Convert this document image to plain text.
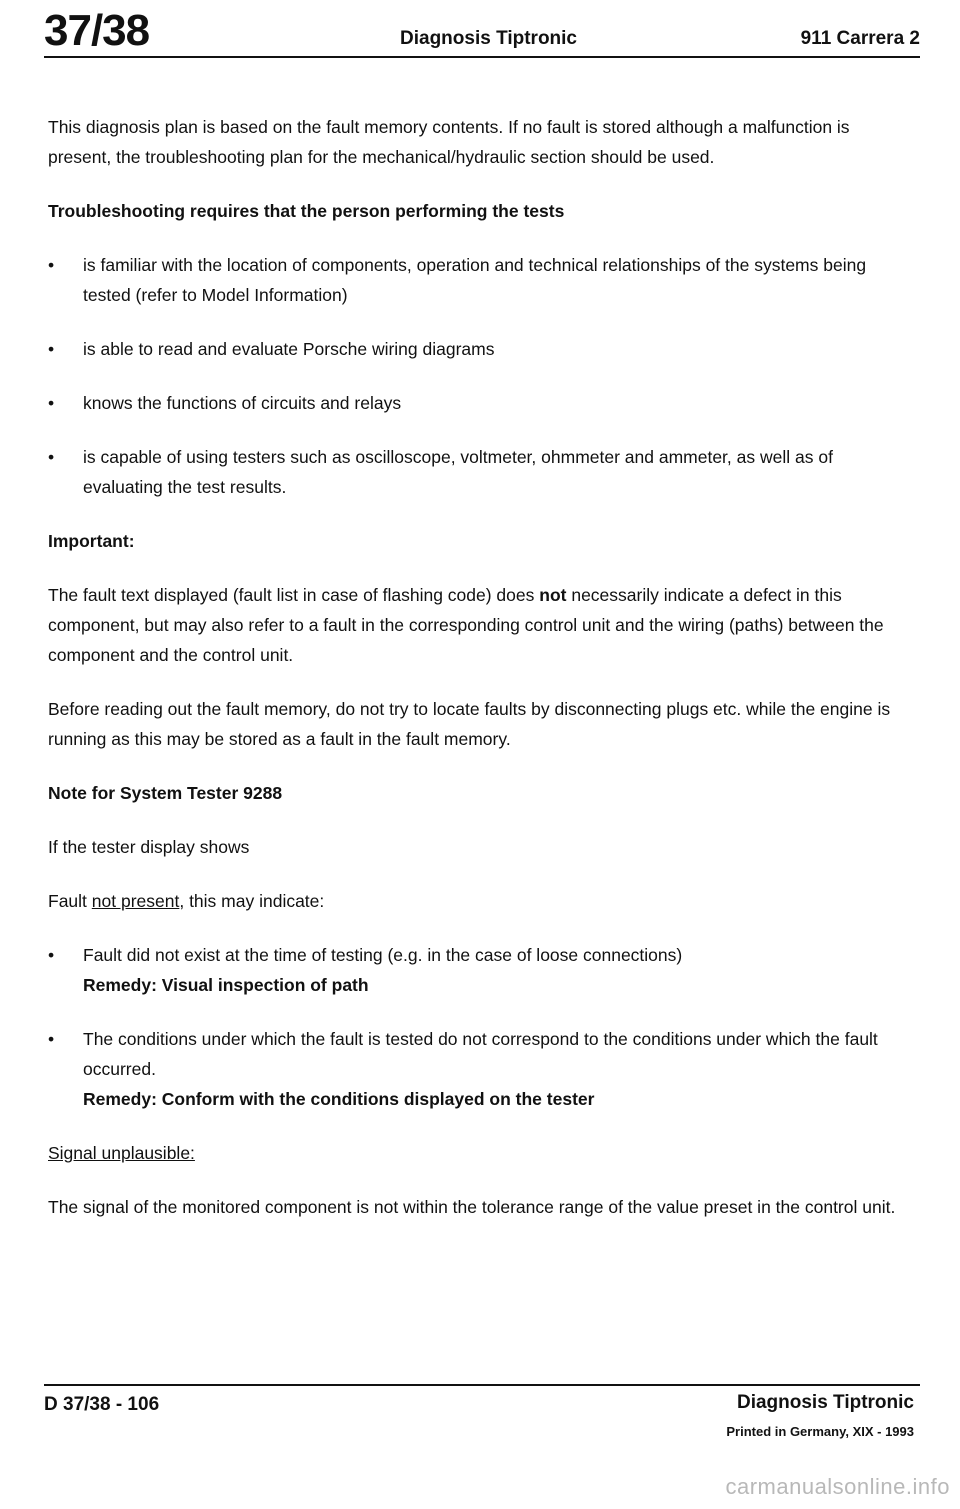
37/38	Diagnosis Tiptronic	911 Carrera 2

This diagnosis plan is based on the fault memory contents. If no fault is stored although a malfunction is present, the troubleshooting plan for the mechanical/hydraulic section should be used.

Troubleshooting requires that the person performing the tests

• is familiar with the location of components, operation and technical relationships of the systems being tested (refer to Model Information)
• is able to read and evaluate Porsche wiring diagrams
• knows the functions of circuits and relays
• is capable of using testers such as oscilloscope, voltmeter, ohmmeter and ammeter, as well as of evaluating the test results.

Important:

The fault text displayed (fault list in case of flashing code) does not necessarily indicate a defect in this component, but may also refer to a fault in the corresponding control unit and the wiring (paths) between the component and the control unit.

Before reading out the fault memory, do not try to locate faults by disconnecting plugs etc. while the engine is running as this may be stored as a fault in the fault memory.

Note for System Tester 9288

If the tester display shows

Fault not present, this may indicate:

• Fault did not exist at the time of testing (e.g. in the case of loose connections)
Remedy: Visual inspection of path
• The conditions under which the fault is tested do not correspond to the conditions under which the fault occurred.
Remedy: Conform with the conditions displayed on the tester

Signal unplausible:

The signal of the monitored component is not within the tolerance range of the value preset in the control unit.

D 37/38 - 106	Diagnosis Tiptronic
Printed in Germany, XIX - 1993
carmanualsonline.info
